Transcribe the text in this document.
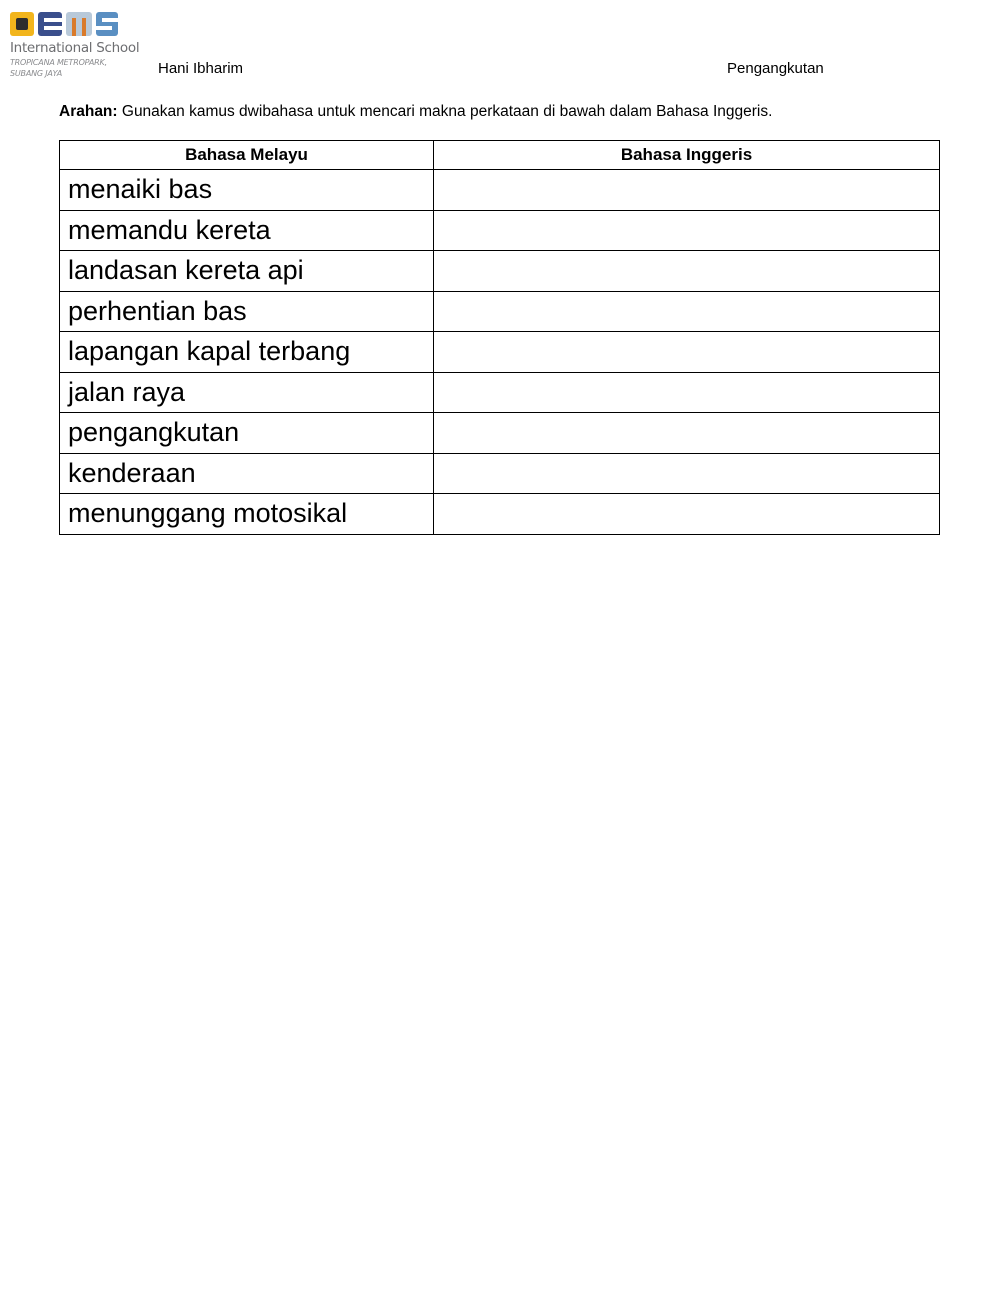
International School
TROPICANA METROPARK,
SUBANG JAYA	Hani Ibharim	Pengangkutan
Arahan: Gunakan kamus dwibahasa untuk mencari makna perkataan di bawah dalam Bahasa Inggeris.
Bahasa Melayu	Bahasa Inggeris
menaiki bas	
memandu kereta	
landasan kereta api	
perhentian bas	
lapangan kapal terbang	
jalan raya	
pengangkutan	
kenderaan	
menunggang motosikal	
